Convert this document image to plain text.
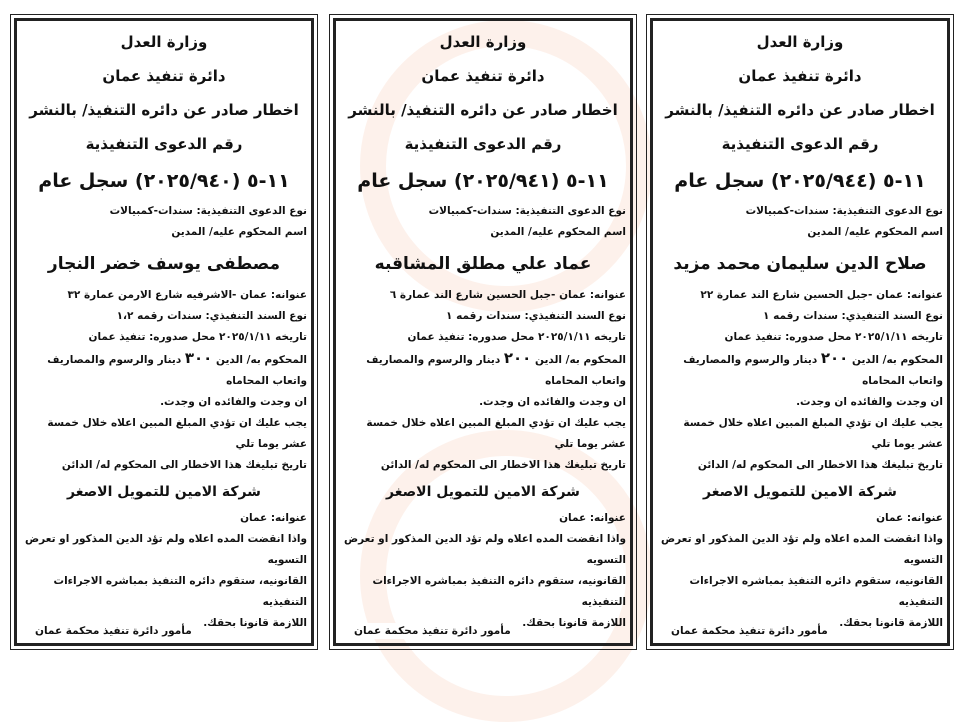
وزارة العدل
دائرة تنفيذ عمان
اخطار صادر عن دائره التنفيذ/ بالنشر
رقم الدعوى التنفيذية
١١-٥ (٢٠٢٥/٩٤٤) سجل عام
نوع الدعوى التنفيذية: سندات-كمبيالات
اسم المحكوم عليه/ المدين
صلاح الدين سليمان محمد مزيد
عنوانه: عمان -جبل الحسين شارع الند عمارة ٢٢
نوع السند التنفيذي: سندات رقمه ١
تاريخه ٢٠٢٥/١/١١ محل صدوره: تنفيذ عمان
المحكوم به/ الدين ٢٠٠ دينار والرسوم والمصاريف واتعاب المحاماه
ان وجدت والفائده ان وجدت.
يجب عليك ان تؤدي المبلغ المبين اعلاه خلال خمسة عشر يوما تلي
تاريخ تبليغك هذا الاخطار الى المحكوم له/ الدائن
شركة الامين للتمويل الاصغر
عنوانه: عمان
واذا انقضت المده اعلاه ولم تؤد الدين المذكور او تعرض التسويه
القانونيه، ستقوم دائره التنفيذ بمباشره الاجراءات التنفيذيه
اللازمة قانونا بحقك.
مأمور دائرة تنفيذ محكمة عمان
وزارة العدل
دائرة تنفيذ عمان
اخطار صادر عن دائره التنفيذ/ بالنشر
رقم الدعوى التنفيذية
١١-٥ (٢٠٢٥/٩٤١) سجل عام
نوع الدعوى التنفيذية: سندات-كمبيالات
اسم المحكوم عليه/ المدين
عماد علي مطلق المشاقبه
عنوانه: عمان -جبل الحسين شارع الند عمارة ٦
نوع السند التنفيذي: سندات رقمه ١
تاريخه ٢٠٢٥/١/١١ محل صدوره: تنفيذ عمان
المحكوم به/ الدين ٢٠٠ دينار والرسوم والمصاريف واتعاب المحاماه
ان وجدت والفائده ان وجدت.
يجب عليك ان تؤدي المبلغ المبين اعلاه خلال خمسة عشر يوما تلي
تاريخ تبليغك هذا الاخطار الى المحكوم له/ الدائن
شركة الامين للتمويل الاصغر
عنوانه: عمان
واذا انقضت المده اعلاه ولم تؤد الدين المذكور او تعرض التسويه
القانونيه، ستقوم دائره التنفيذ بمباشره الاجراءات التنفيذيه
اللازمة قانونا بحقك.
مأمور دائرة تنفيذ محكمة عمان
وزارة العدل
دائرة تنفيذ عمان
اخطار صادر عن دائره التنفيذ/ بالنشر
رقم الدعوى التنفيذية
١١-٥ (٢٠٢٥/٩٤٠) سجل عام
نوع الدعوى التنفيذية: سندات-كمبيالات
اسم المحكوم عليه/ المدين
مصطفى يوسف خضر النجار
عنوانه: عمان -الاشرفيه شارع الارمن عمارة ٣٢
نوع السند التنفيذي: سندات رقمه ١،٢
تاريخه ٢٠٢٥/١/١١ محل صدوره: تنفيذ عمان
المحكوم به/ الدين ٣٠٠ دينار والرسوم والمصاريف واتعاب المحاماه
ان وجدت والفائده ان وجدت.
يجب عليك ان تؤدي المبلغ المبين اعلاه خلال خمسة عشر يوما تلي
تاريخ تبليغك هذا الاخطار الى المحكوم له/ الدائن
شركة الامين للتمويل الاصغر
عنوانه: عمان
واذا انقضت المده اعلاه ولم تؤد الدين المذكور او تعرض التسويه
القانونيه، ستقوم دائره التنفيذ بمباشره الاجراءات التنفيذيه
اللازمة قانونا بحقك.
مأمور دائرة تنفيذ محكمة عمان
